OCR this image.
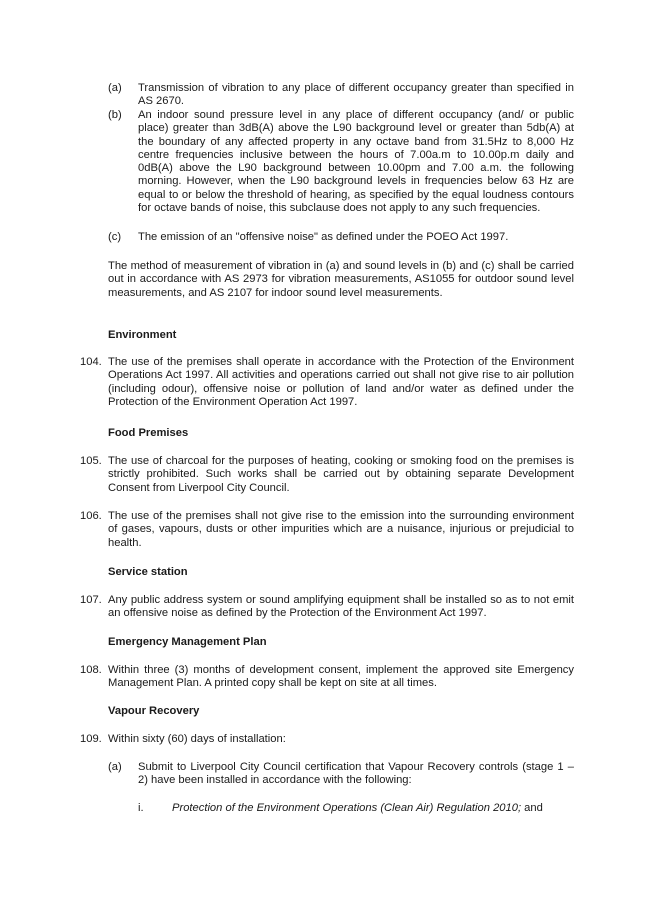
(a) Transmission of vibration to any place of different occupancy greater than specified in AS 2670.
(b) An indoor sound pressure level in any place of different occupancy (and/ or public place) greater than 3dB(A) above the L90 background level or greater than 5db(A) at the boundary of any affected property in any octave band from 31.5Hz to 8,000 Hz centre frequencies inclusive between the hours of 7.00a.m to 10.00p.m daily and 0dB(A) above the L90 background between 10.00pm and 7.00 a.m. the following morning. However, when the L90 background levels in frequencies below 63 Hz are equal to or below the threshold of hearing, as specified by the equal loudness contours for octave bands of noise, this subclause does not apply to any such frequencies.
(c) The emission of an "offensive noise" as defined under the POEO Act 1997.
The method of measurement of vibration in (a) and sound levels in (b) and (c) shall be carried out in accordance with AS 2973 for vibration measurements, AS1055 for outdoor sound level measurements, and AS 2107 for indoor sound level measurements.
Environment
104. The use of the premises shall operate in accordance with the Protection of the Environment Operations Act 1997. All activities and operations carried out shall not give rise to air pollution (including odour), offensive noise or pollution of land and/or water as defined under the Protection of the Environment Operation Act 1997.
Food Premises
105. The use of charcoal for the purposes of heating, cooking or smoking food on the premises is strictly prohibited. Such works shall be carried out by obtaining separate Development Consent from Liverpool City Council.
106. The use of the premises shall not give rise to the emission into the surrounding environment of gases, vapours, dusts or other impurities which are a nuisance, injurious or prejudicial to health.
Service station
107. Any public address system or sound amplifying equipment shall be installed so as to not emit an offensive noise as defined by the Protection of the Environment Act 1997.
Emergency Management Plan
108. Within three (3) months of development consent, implement the approved site Emergency Management Plan. A printed copy shall be kept on site at all times.
Vapour Recovery
109. Within sixty (60) days of installation:
(a) Submit to Liverpool City Council certification that Vapour Recovery controls (stage 1 – 2) have been installed in accordance with the following:
i.	Protection of the Environment Operations (Clean Air) Regulation 2010; and
